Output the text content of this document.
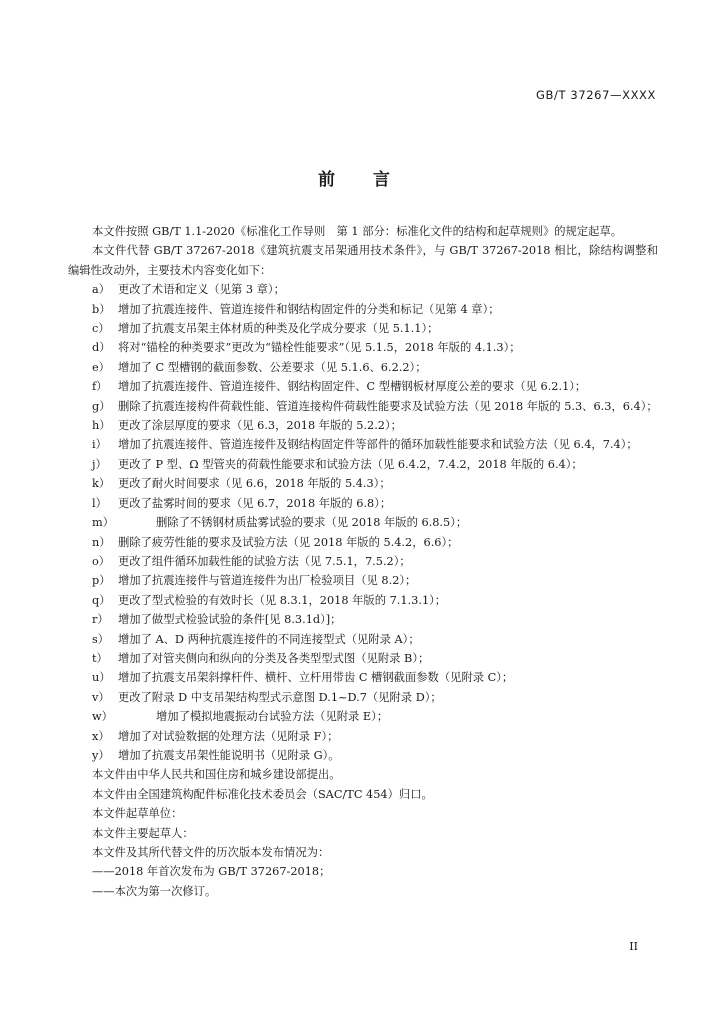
GB/T 37267—XXXX
前 言

本文件按照 GB/T 1.1-2020《标准化工作导则　第 1 部分：标准化文件的结构和起草规则》的规定起草。

本文件代替 GB/T 37267-2018《建筑抗震支吊架通用技术条件》，与 GB/T 37267-2018 相比，除结构调整和编辑性改动外，主要技术内容变化如下：

a） 更改了术语和定义（见第 3 章）；

b） 增加了抗震连接件、管道连接件和钢结构固定件的分类和标记（见第 4 章）；

c） 增加了抗震支吊架主体材质的种类及化学成分要求（见 5.1.1）；

d） 将对“锚栓的种类要求”更改为“锚栓性能要求”（见 5.1.5，2018 年版的 4.1.3）；

e） 增加了 C 型槽钢的截面参数、公差要求（见 5.1.6、6.2.2）；

f） 增加了抗震连接件、管道连接件、钢结构固定件、C 型槽钢板材厚度公差的要求（见 6.2.1）；

g） 删除了抗震连接构件荷载性能、管道连接构件荷载性能要求及试验方法（见 2018 年版的 5.3、6.3，6.4）；

h） 更改了涂层厚度的要求（见 6.3，2018 年版的 5.2.2）；

i） 增加了抗震连接件、管道连接件及钢结构固定件等部件的循环加载性能要求和试验方法（见 6.4，7.4）；

j） 更改了 P 型、Ω 型管夹的荷载性能要求和试验方法（见 6.4.2，7.4.2，2018 年版的 6.4）；

k） 更改了耐火时间要求（见 6.6，2018 年版的 5.4.3）；

l） 更改了盐雾时间的要求（见 6.7，2018 年版的 6.8）；

m）	删除了不锈钢材质盐雾试验的要求（见 2018 年版的 6.8.5）；

n） 删除了疲劳性能的要求及试验方法（见 2018 年版的 5.4.2，6.6）；

o） 更改了组件循环加载性能的试验方法（见 7.5.1，7.5.2）；

p） 增加了抗震连接件与管道连接件为出厂检验项目（见 8.2）；

q） 更改了型式检验的有效时长（见 8.3.1，2018 年版的 7.1.3.1）；

r） 增加了做型式检验试验的条件[见 8.3.1d）]；

s） 增加了 A、D 两种抗震连接件的不同连接型式（见附录 A）；

t） 增加了对管夹侧向和纵向的分类及各类型型式图（见附录 B）；

u） 增加了抗震支吊架斜撑杆件、横杆、立杆用带齿 C 槽钢截面参数（见附录 C）；

v） 更改了附录 D 中支吊架结构型式示意图 D.1~D.7（见附录 D）；

w）	增加了模拟地震振动台试验方法（见附录 E）；

x） 增加了对试验数据的处理方法（见附录 F）；

y） 增加了抗震支吊架性能说明书（见附录 G）。

本文件由中华人民共和国住房和城乡建设部提出。

本文件由全国建筑构配件标准化技术委员会（SAC/TC 454）归口。

本文件起草单位：

本文件主要起草人：

本文件及其所代替文件的历次版本发布情况为：

——2018 年首次发布为 GB/T 37267-2018；

——本次为第一次修订。

II
